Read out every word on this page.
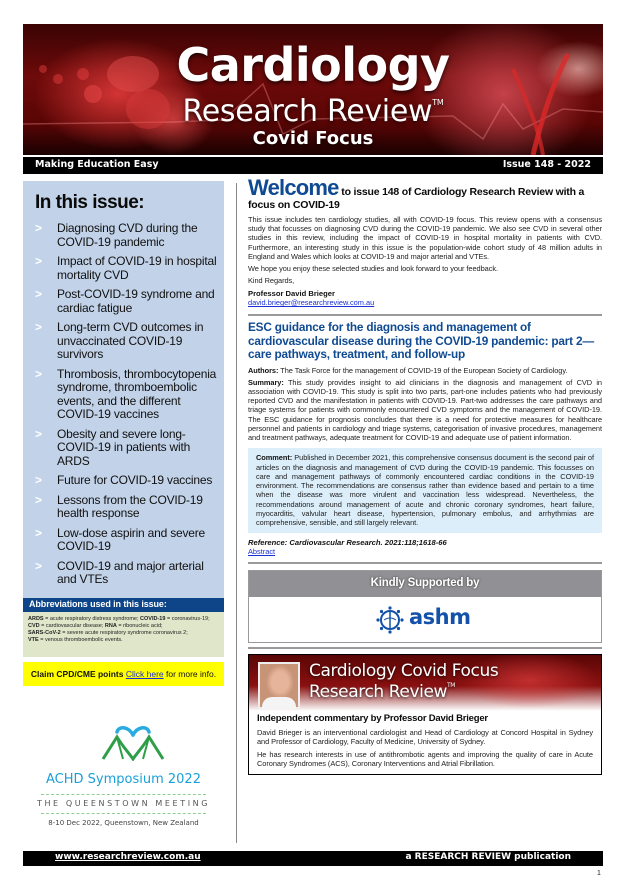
Cardiology
Research Review™
Covid Focus
Making Education Easy	Issue 148 - 2022
In this issue:
> Diagnosing CVD during the COVID-19 pandemic
> Impact of COVID-19 in hospital mortality CVD
> Post-COVID-19 syndrome and cardiac fatigue
> Long-term CVD outcomes in unvaccinated COVID-19 survivors
> Thrombosis, thrombocytopenia syndrome, thromboembolic events, and the different COVID-19 vaccines
> Obesity and severe long-COVID-19 in patients with ARDS
> Future for COVID-19 vaccines
> Lessons from the COVID-19 health response
> Low-dose aspirin and severe COVID-19
> COVID-19 and major arterial and VTEs
Abbreviations used in this issue:
ARDS = acute respiratory distress syndrome; COVID-19 = coronavirus-19;
CVD = cardiovascular disease; RNA = ribonucleic acid;
SARS-CoV-2 = severe acute respiratory syndrome coronavirus 2;
VTE = venous thromboembolic events.
Claim CPD/CME points Click here for more info.
ACHD Symposium 2022
THE QUEENSTOWN MEETING
8-10 Dec 2022, Queenstown, New Zealand
Welcome to issue 148 of Cardiology Research Review with a focus on COVID-19

This issue includes ten cardiology studies, all with COVID-19 focus. This review opens with a consensus study that focusses on diagnosing CVD during the COVID-19 pandemic. We also see CVD in several other studies in this review, including the impact of COVID-19 in hospital mortality in patients with CVD. Furthermore, an interesting study in this issue is the population-wide cohort study of 48 million adults in England and Wales which looks at COVID-19 and major arterial and VTEs.

We hope you enjoy these selected studies and look forward to your feedback.

Kind Regards,

Professor David Brieger

david.brieger@researchreview.com.au
ESC guidance for the diagnosis and management of cardiovascular disease during the COVID-19 pandemic: part 2—care pathways, treatment, and follow-up

Authors: The Task Force for the management of COVID-19 of the European Society of Cardiology.

Summary: This study provides insight to aid clinicians in the diagnosis and management of CVD in association with COVID-19. This study is split into two parts, part-one includes patients who had previously reported CVD and the manifestation in patients with COVID-19. Part-two addresses the care pathways and triage systems for patients with commonly encountered CVD symptoms and the management of COVID-19. The ESC guidance for prognosis concludes that there is a need for protective measures for healthcare personnel and patients in cardiology and triage systems, categorisation of invasive procedures, management and treatment pathways, adequate treatment for COVID-19 and adequate use of patient information.

Comment: Published in December 2021, this comprehensive consensus document is the second pair of articles on the diagnosis and management of CVD during the COVID-19 pandemic. This focusses on care and management pathways of commonly encountered cardiac conditions in the COVID-19 environment. The recommendations are consensus rather than evidence based and pertain to a time when the disease was more virulent and vaccination less widespread. Nevertheless, the recommendations around management of acute and chronic coronary syndromes, heart failure, myocarditis, valvular heart disease, hypertension, pulmonary embolus, and arrhythmias are comprehensive, sensible, and still largely relevant.

Reference: Cardiovascular Research. 2021:118;1618-66

Abstract
Kindly Supported by
ashm
Cardiology Covid Focus
Research Review™
Independent commentary by Professor David Brieger

David Brieger is an interventional cardiologist and Head of Cardiology at Concord Hospital in Sydney and Professor of Cardiology, Faculty of Medicine, University of Sydney.

He has research interests in use of antithrombotic agents and improving the quality of care in Acute Coronary Syndromes (ACS), Coronary Interventions and Atrial Fibrillation.

www.researchreview.com.au	a RESEARCH REVIEW publication
1
